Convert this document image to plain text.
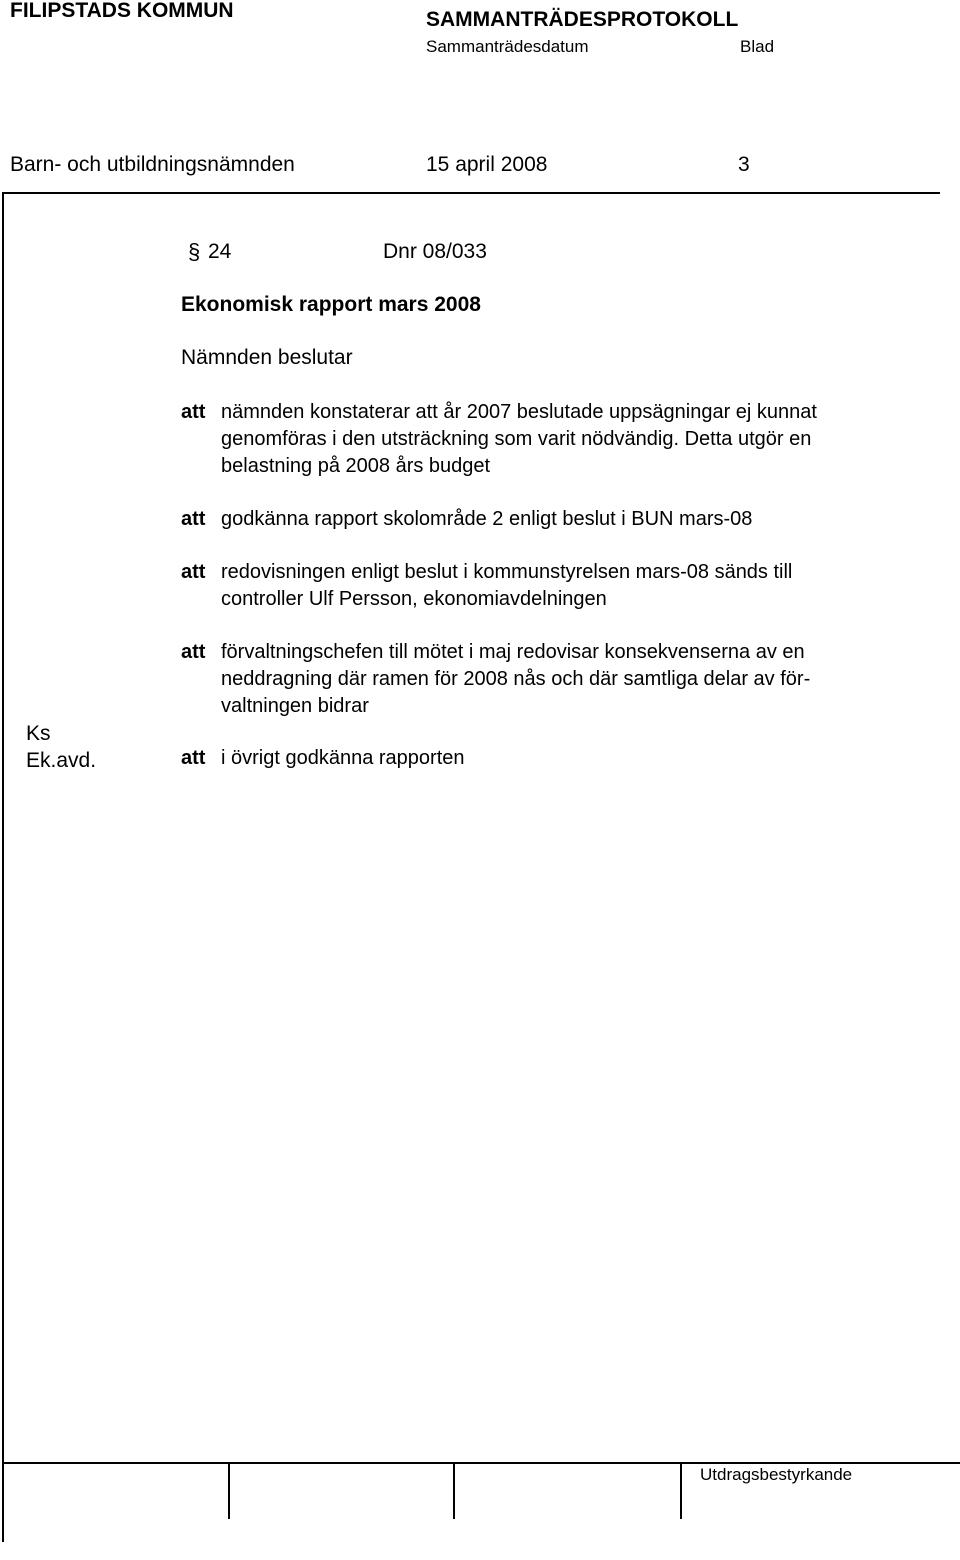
FILIPSTADS KOMMUN	SAMMANTRÄDESPROTOKOLL
Sammanträdesdatum	Blad
Barn- och utbildningsnämnden	15 april 2008	3
§ 24	Dnr 08/033
Ekonomisk rapport mars 2008
Nämnden beslutar
att nämnden konstaterar att år 2007 beslutade uppsägningar ej kunnat
genomföras i den utsträckning som varit nödvändig. Detta utgör en
belastning på 2008 års budget
att godkänna rapport skolområde 2 enligt beslut i BUN mars-08
att redovisningen enligt beslut i kommunstyrelsen mars-08 sänds till
controller Ulf Persson, ekonomiavdelningen
att förvaltningschefen till mötet i maj redovisar konsekvenserna av en
neddragning där ramen för 2008 nås och där samtliga delar av för-
valtningen bidrar
att i övrigt godkänna rapporten
Ks
Ek.avd.
Utdragsbestyrkande
